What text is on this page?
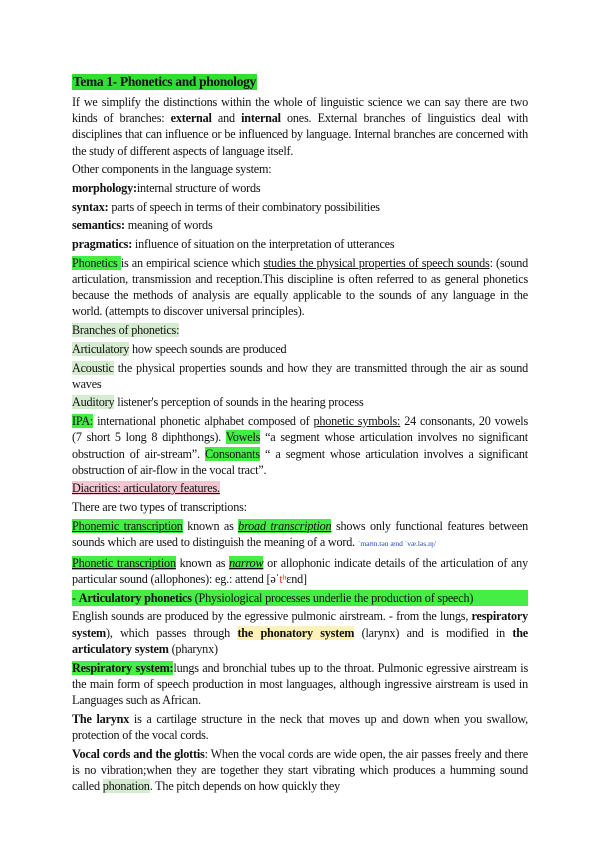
Tema 1- Phonetics and phonology

If we simplify the distinctions within the whole of linguistic science we can say there are two kinds of branches: external and internal ones. External branches of linguistics deal with disciplines that can influence or be influenced by language. Internal branches are concerned with the study of different aspects of language itself.

Other components in the language system:

morphology:internal structure of words

syntax: parts of speech in terms of their combinatory possibilities

semantics: meaning of words

pragmatics: influence of situation on the interpretation of utterances

Phonetics is an empirical science which studies the physical properties of speech sounds: (sound articulation, transmission and reception.This discipline is often referred to as general phonetics because the methods of analysis are equally applicable to the sounds of any language in the world. (attempts to discover universal principles).

Branches of phonetics:

Articulatory how speech sounds are produced

Acoustic the physical properties sounds and how they are transmitted through the air as sound waves

Auditory listener's perception of sounds in the hearing process

IPA: international phonetic alphabet composed of phonetic symbols: 24 consonants, 20 vowels (7 short 5 long 8 diphthongs). Vowels “a segment whose articulation involves no significant obstruction of air-stream”. Consonants “ a segment whose articulation involves a significant obstruction of air-flow in the vocal tract”.

Diacritics: articulatory features.

There are two types of transcriptions:

Phonemic transcription known as broad transcription shows only functional features between sounds which are used to distinguish the meaning of a word. ˈmaʊn.tən ænd ˈvæ.ləs.ɪŋ/

Phonetic transcription known as narrow or allophonic indicate details of the articulation of any particular sound (allophones): eg.: attend [əˈtʰɛnd]

- Articulatory phonetics (Physiological processes underlie the production of speech)

English sounds are produced by the egressive pulmonic airstream. - from the lungs, respiratory system), which passes through the phonatory system (larynx) and is modified in the articulatory system (pharynx)

Respiratory system:lungs and bronchial tubes up to the throat. Pulmonic egressive airstream is the main form of speech production in most languages, although ingressive airstream is used in Languages such as African.

The larynx is a cartilage structure in the neck that moves up and down when you swallow, protection of the vocal cords.

Vocal cords and the glottis: When the vocal cords are wide open, the air passes freely and there is no vibration;when they are together they start vibrating which produces a humming sound called phonation. The pitch depends on how quickly they
